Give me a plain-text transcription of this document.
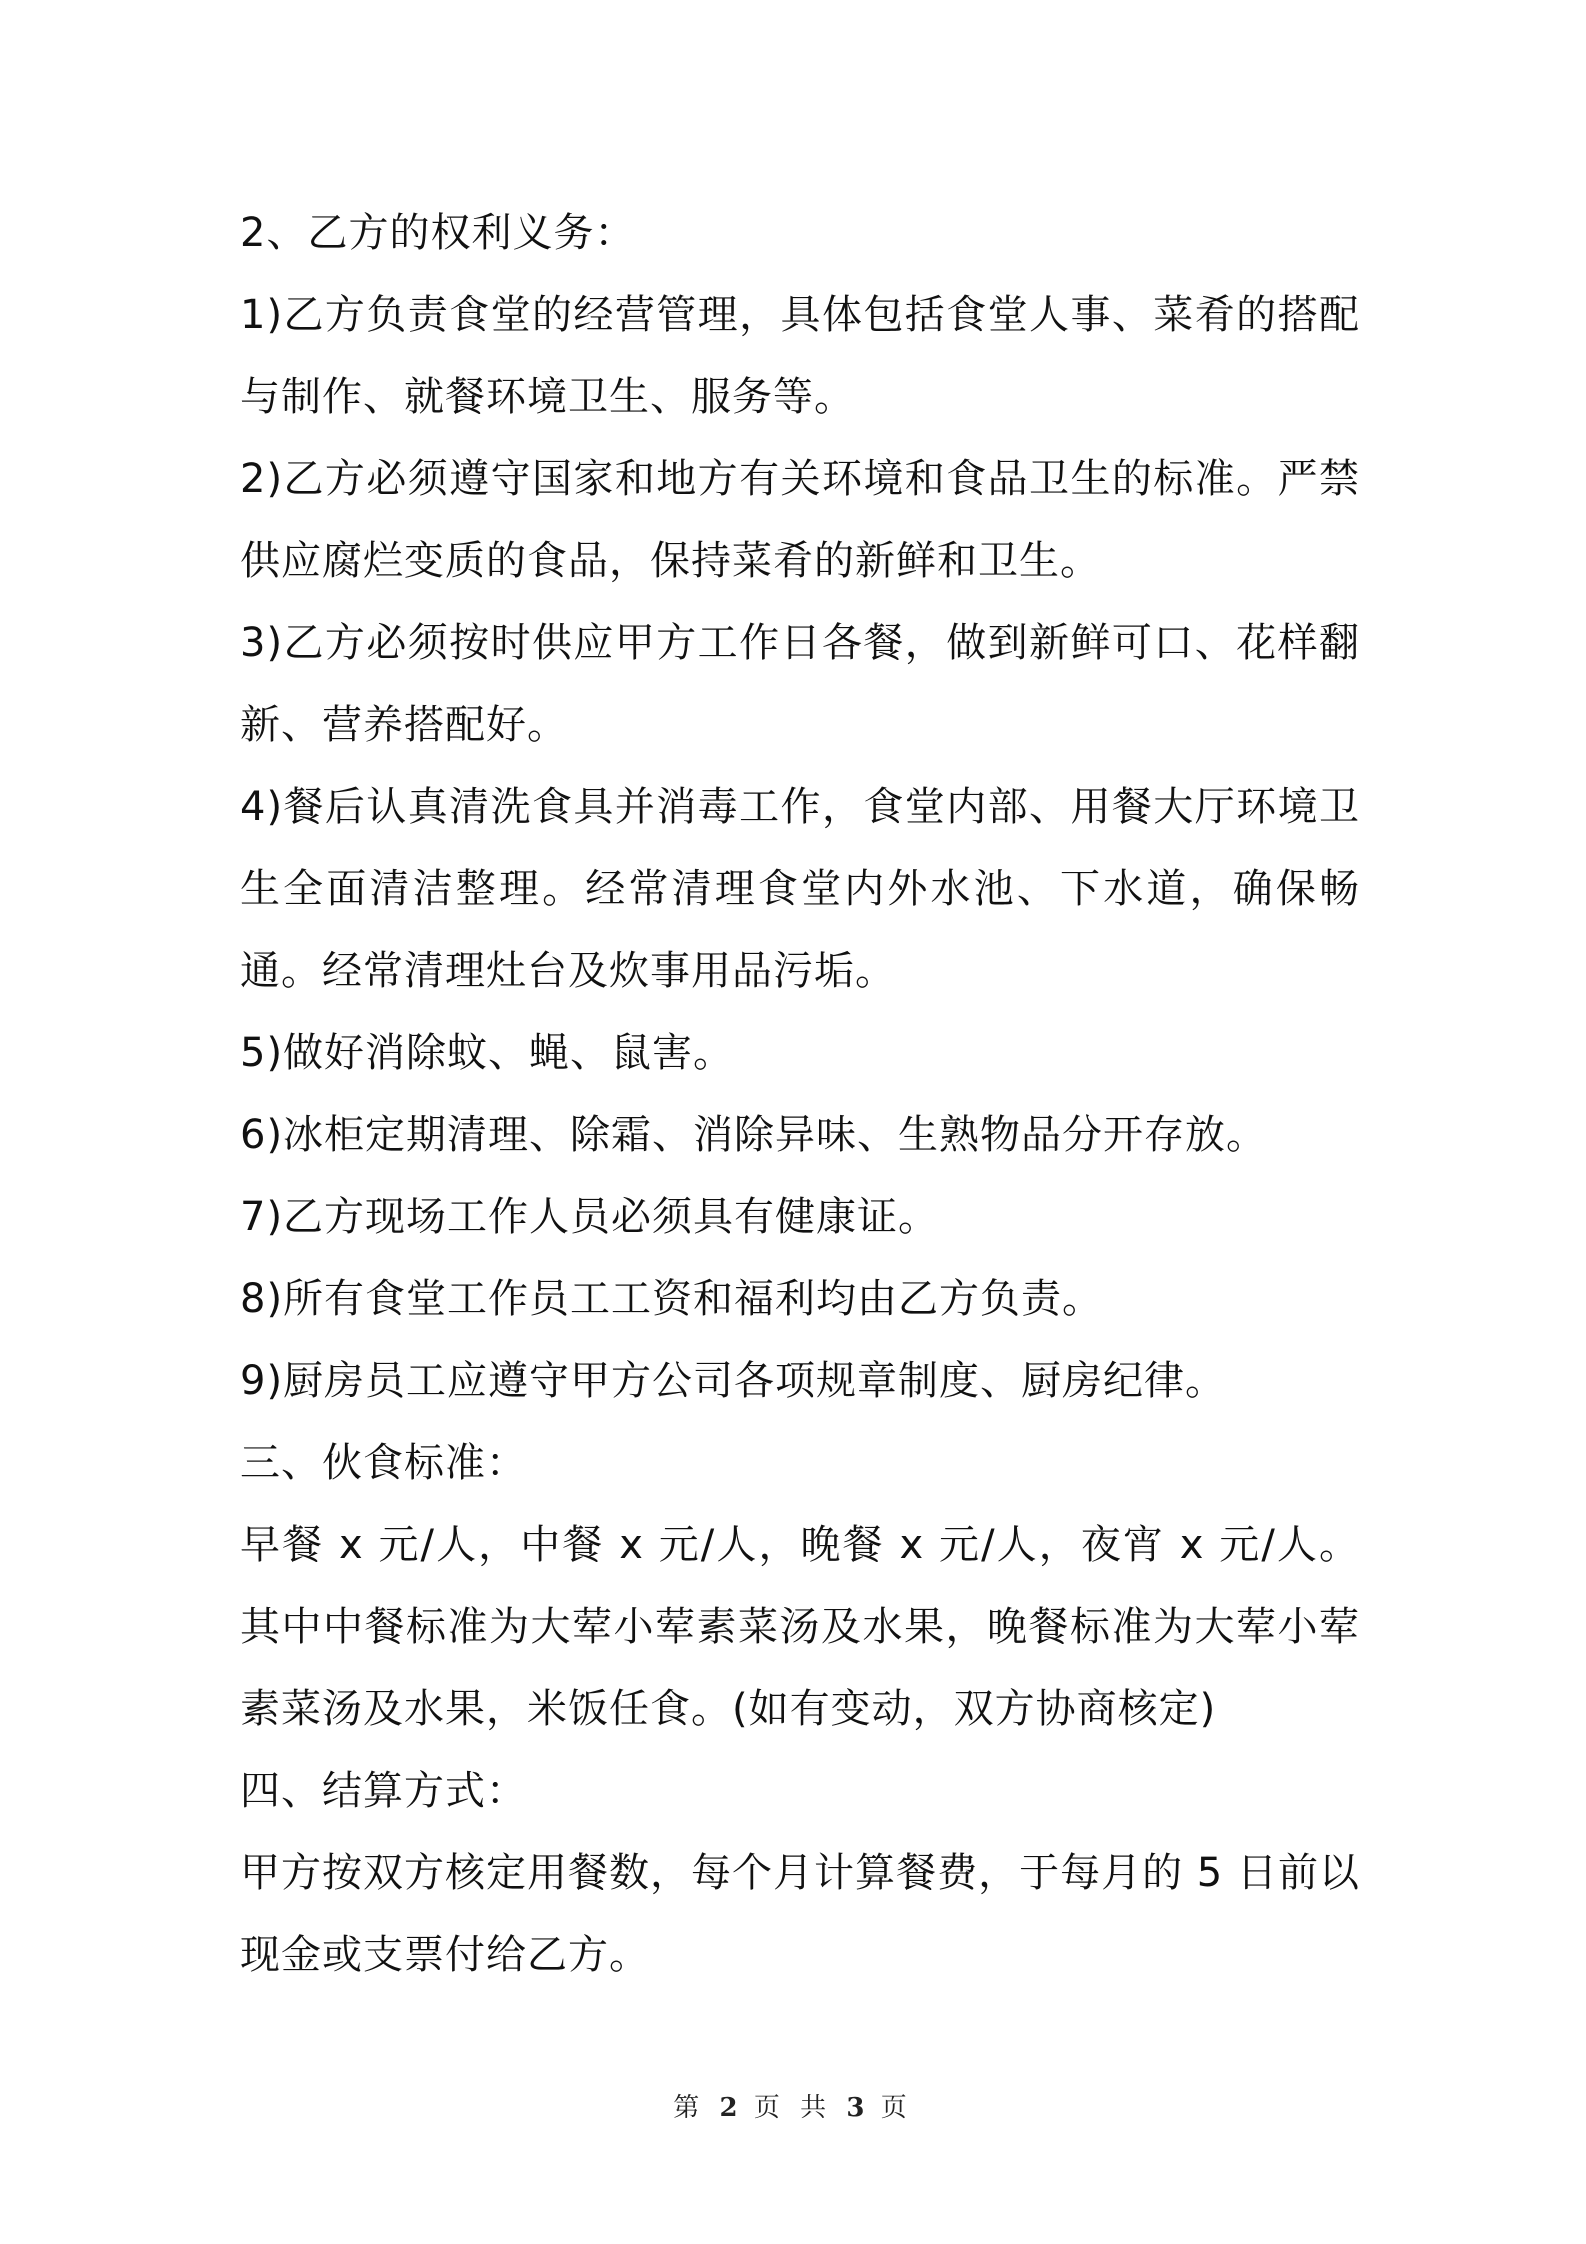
2、乙方的权利义务：

1)乙方负责食堂的经营管理，具体包括食堂人事、菜肴的搭配与制作、就餐环境卫生、服务等。

2)乙方必须遵守国家和地方有关环境和食品卫生的标准。严禁供应腐烂变质的食品，保持菜肴的新鲜和卫生。

3)乙方必须按时供应甲方工作日各餐，做到新鲜可口、花样翻新、营养搭配好。

4)餐后认真清洗食具并消毒工作，食堂内部、用餐大厅环境卫生全面清洁整理。经常清理食堂内外水池、下水道，确保畅通。经常清理灶台及炊事用品污垢。

5)做好消除蚊、蝇、鼠害。

6)冰柜定期清理、除霜、消除异味、生熟物品分开存放。

7)乙方现场工作人员必须具有健康证。

8)所有食堂工作员工工资和福利均由乙方负责。

9)厨房员工应遵守甲方公司各项规章制度、厨房纪律。

三、伙食标准：

早餐 x 元/人，中餐 x 元/人，晚餐 x 元/人，夜宵 x 元/人。其中中餐标准为大荤小荤素菜汤及水果，晚餐标准为大荤小荤素菜汤及水果，米饭任食。(如有变动，双方协商核定)

四、结算方式：

甲方按双方核定用餐数，每个月计算餐费，于每月的 5 日前以现金或支票付给乙方。

第 2 页 共 3 页
